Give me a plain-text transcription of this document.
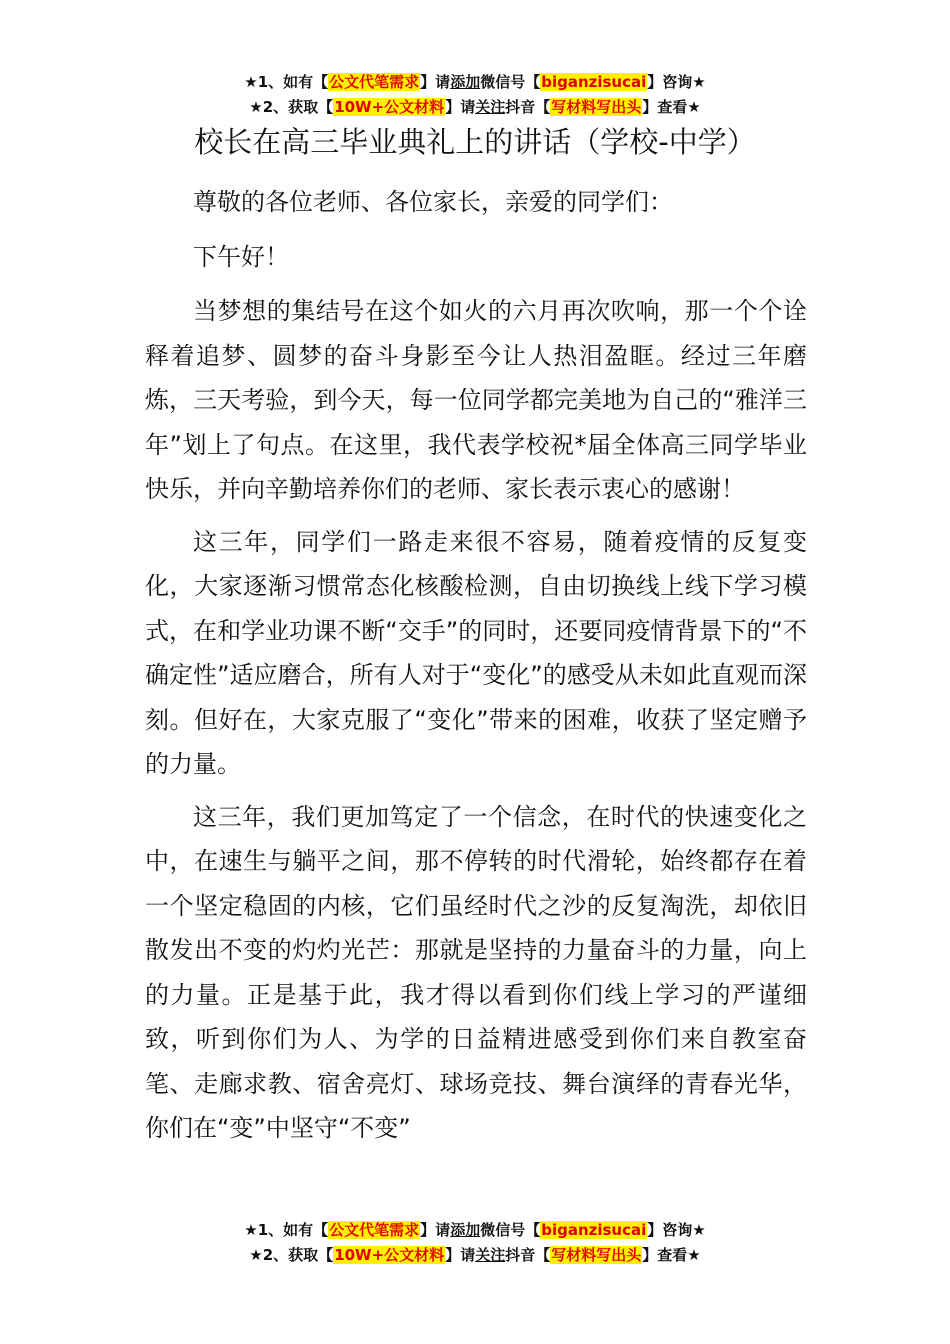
★1、如有【公文代笔需求】请添加微信号【biganzisucai】咨询★
★2、获取【10W+公文材料】请关注抖音【写材料写出头】查看★
校长在高三毕业典礼上的讲话（学校-中学）

尊敬的各位老师、各位家长，亲爱的同学们：

下午好！

当梦想的集结号在这个如火的六月再次吹响，那一个个诠释着追梦、圆梦的奋斗身影至今让人热泪盈眶。经过三年磨炼，三天考验，到今天，每一位同学都完美地为自己的“雅洋三年”划上了句点。在这里，我代表学校祝*届全体高三同学毕业快乐，并向辛勤培养你们的老师、家长表示衷心的感谢！

这三年，同学们一路走来很不容易，随着疫情的反复变化，大家逐渐习惯常态化核酸检测，自由切换线上线下学习模式，在和学业功课不断“交手”的同时，还要同疫情背景下的“不确定性”适应磨合，所有人对于“变化”的感受从未如此直观而深刻。但好在，大家克服了“变化”带来的困难，收获了坚定赠予的力量。

这三年，我们更加笃定了一个信念，在时代的快速变化之中，在速生与躺平之间，那不停转的时代滑轮，始终都存在着一个坚定稳固的内核，它们虽经时代之沙的反复淘洗，却依旧散发出不变的灼灼光芒：那就是坚持的力量奋斗的力量，向上的力量。正是基于此，我才得以看到你们线上学习的严谨细致，听到你们为人、为学的日益精进感受到你们来自教室奋笔、走廊求教、宿舍亮灯、球场竞技、舞台演绎的青春光华，你们在“变”中坚守“不变”

★1、如有【公文代笔需求】请添加微信号【biganzisucai】咨询★
★2、获取【10W+公文材料】请关注抖音【写材料写出头】查看★
